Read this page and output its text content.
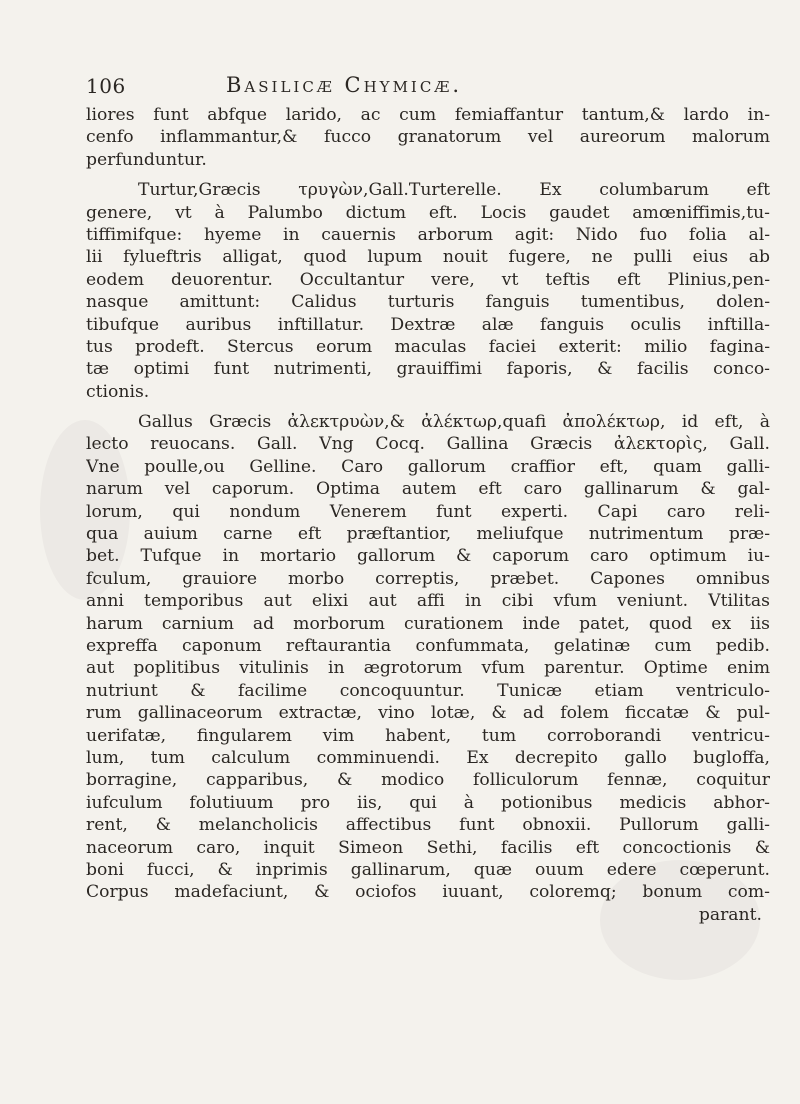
106	Basilicæ Chymicæ.
liores funt abfque larido, ac cum femiaffantur tantum,& lardo in-
cenfo inflammantur,& fucco granatorum vel aureorum malorum
perfunduntur.
Turtur,Græcis τρυγὼν,Gall.Turterelle. Ex columbarum eft
genere, vt à Palumbo dictum eft. Locis gaudet amœniffimis,tu-
tiffimifque: hyeme in cauernis arborum agit: Nido fuo folia al-
lii fylueftris alligat, quod lupum nouit fugere, ne pulli eius ab
eodem deuorentur. Occultantur vere, vt teftis eft Plinius,pen-
nasque amittunt: Calidus turturis fanguis tumentibus, dolen-
tibufque auribus inftillatur. Dextræ alæ fanguis oculis inftilla-
tus prodeft. Stercus eorum maculas faciei exterit: milio fagina-
tæ optimi funt nutrimenti, grauiffimi faporis, & facilis conco-
ctionis.
Gallus Græcis ἀλεκτρυὼν,& ἀλέκτωρ,quafi ἀπολέκτωρ, id eft, à
lecto reuocans. Gall. Vng Cocq. Gallina Græcis ἀλεκτορὶς, Gall.
Vne poulle,ou Gelline. Caro gallorum craffior eft, quam galli-
narum vel caporum. Optima autem eft caro gallinarum & gal-
lorum, qui nondum Venerem funt experti. Capi caro reli-
qua auium carne eft præftantior, meliufque nutrimentum præ-
bet. Tufque in mortario gallorum & caporum caro optimum iu-
fculum, grauiore morbo correptis, præbet. Capones omnibus
anni temporibus aut elixi aut affi in cibi vfum veniunt. Vtilitas
harum carnium ad morborum curationem inde patet, quod ex iis
expreffa caponum reftaurantia confummata, gelatinæ cum pedib.
aut poplitibus vitulinis in ægrotorum vfum parentur. Optime enim
nutriunt & facilime concoquuntur. Tunicæ etiam ventriculo-
rum gallinaceorum extractæ, vino lotæ, & ad folem ficcatæ & pul-
uerifatæ, fingularem vim habent, tum corroborandi ventricu-
lum, tum calculum comminuendi. Ex decrepito gallo bugloffa,
borragine, capparibus, & modico folliculorum fennæ, coquitur
iufculum folutiuum pro iis, qui à potionibus medicis abhor-
rent, & melancholicis affectibus funt obnoxii. Pullorum galli-
naceorum caro, inquit Simeon Sethi, facilis eft concoctionis &
boni fucci, & inprimis gallinarum, quæ ouum edere cœperunt.
Corpus madefaciunt, & ociofos iuuant, coloremq; bonum com-
parant.
